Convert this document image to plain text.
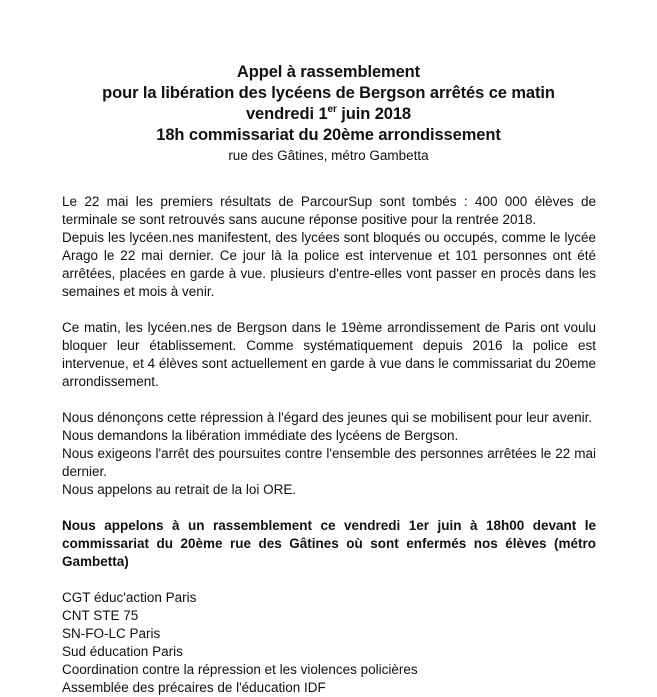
Appel à rassemblement
pour la libération des lycéens de Bergson arrêtés ce matin
vendredi 1er juin 2018
18h commissariat du 20ème arrondissement
rue des Gâtines, métro Gambetta
Le 22 mai les premiers résultats de ParcourSup sont tombés : 400 000 élèves de terminale se sont retrouvés sans aucune réponse positive pour la rentrée 2018.
Depuis les lycéen.nes manifestent, des lycées sont bloqués ou occupés, comme le lycée Arago le 22 mai dernier. Ce jour là la police est intervenue et 101 personnes ont été arrêtées, placées en garde à vue. plusieurs d'entre-elles vont passer en procès dans les semaines et mois à venir.
Ce matin, les lycéen.nes de Bergson dans le 19ème arrondissement de Paris ont voulu bloquer leur établissement. Comme systématiquement depuis 2016 la police est intervenue, et 4 élèves sont actuellement en garde à vue dans le commissariat du 20eme arrondissement.
Nous dénonçons cette répression à l'égard des jeunes qui se mobilisent pour leur avenir.
Nous demandons la libération immédiate des lycéens de Bergson.
Nous exigeons l'arrêt des poursuites contre l'ensemble des personnes arrêtées le 22 mai dernier.
Nous appelons au retrait de la loi ORE.
Nous appelons à un rassemblement ce vendredi 1er juin à 18h00 devant le commissariat du 20ème rue des Gâtines où sont enfermés nos élèves (métro Gambetta)
CGT éduc'action Paris
CNT STE 75
SN-FO-LC Paris
Sud éducation Paris
Coordination contre la répression et les violences policières
Assemblée des précaires de l'éducation IDF
